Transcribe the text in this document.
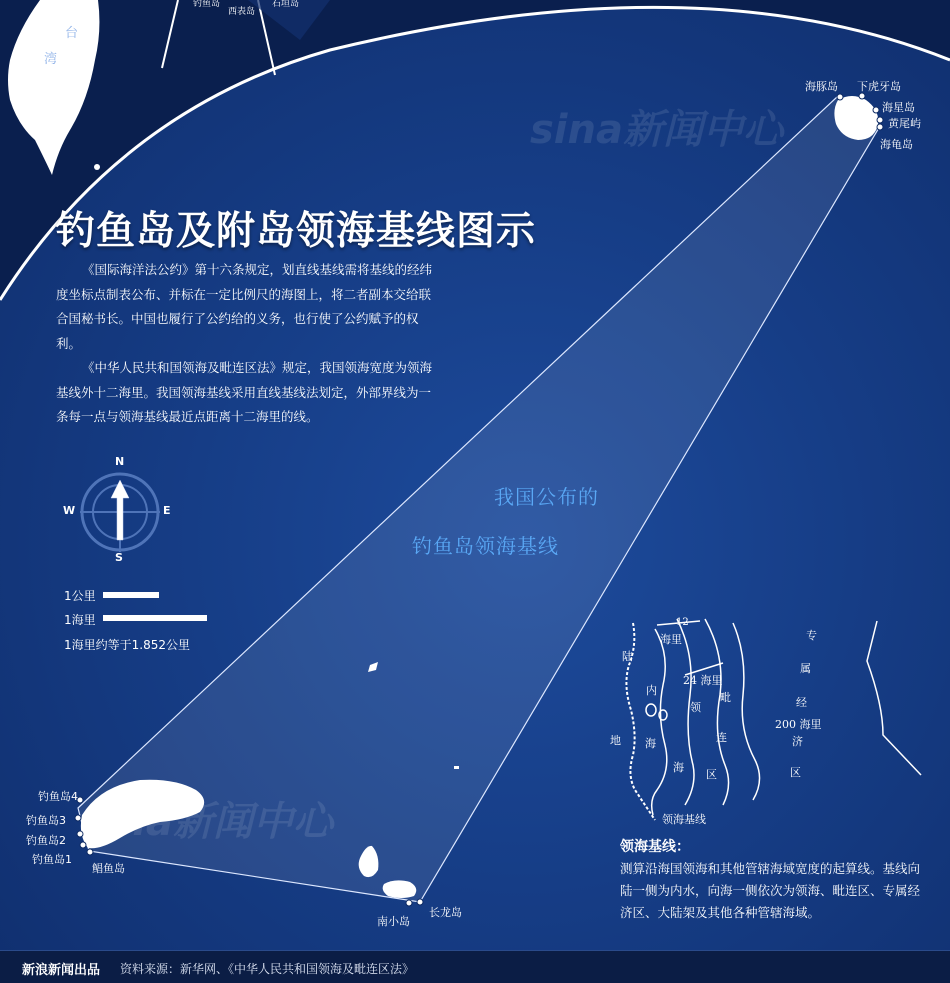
sina新闻中心
sina新闻中心
台
湾
钓鱼岛
西表岛
石垣岛
钓鱼岛及附岛领海基线图示

《国际海洋法公约》第十六条规定，划直线基线需将基线的经纬度坐标点制表公布、并标在一定比例尺的海图上，将二者副本交给联合国秘书长。中国也履行了公约给的义务，也行使了公约赋予的权利。

《中华人民共和国领海及毗连区法》规定，我国领海宽度为领海基线外十二海里。我国领海基线采用直线基线法划定，外部界线为一条每一点与领海基线最近点距离十二海里的线。

我国公布的
钓鱼岛领海基线
N
S
E
W
1公里
1海里
1海里约等于1.852公里
海豚岛 下虎牙岛
海星岛
黄尾屿
海龟岛
钓鱼岛4
钓鱼岛3
钓鱼岛2
钓鱼岛1
鲳鱼岛
南小岛
长龙岛
陆
地
12
海里
24 海里
内
海
领
海
毗
连
区
专
属
经
200 海里
济
区
领海基线
领海基线：

测算沿海国领海和其他管辖海域宽度的起算线。基线向陆一侧为内水，向海一侧依次为领海、毗连区、专属经济区、大陆架及其他各种管辖海域。

新浪新闻出品 资料来源：新华网、《中华人民共和国领海及毗连区法》
